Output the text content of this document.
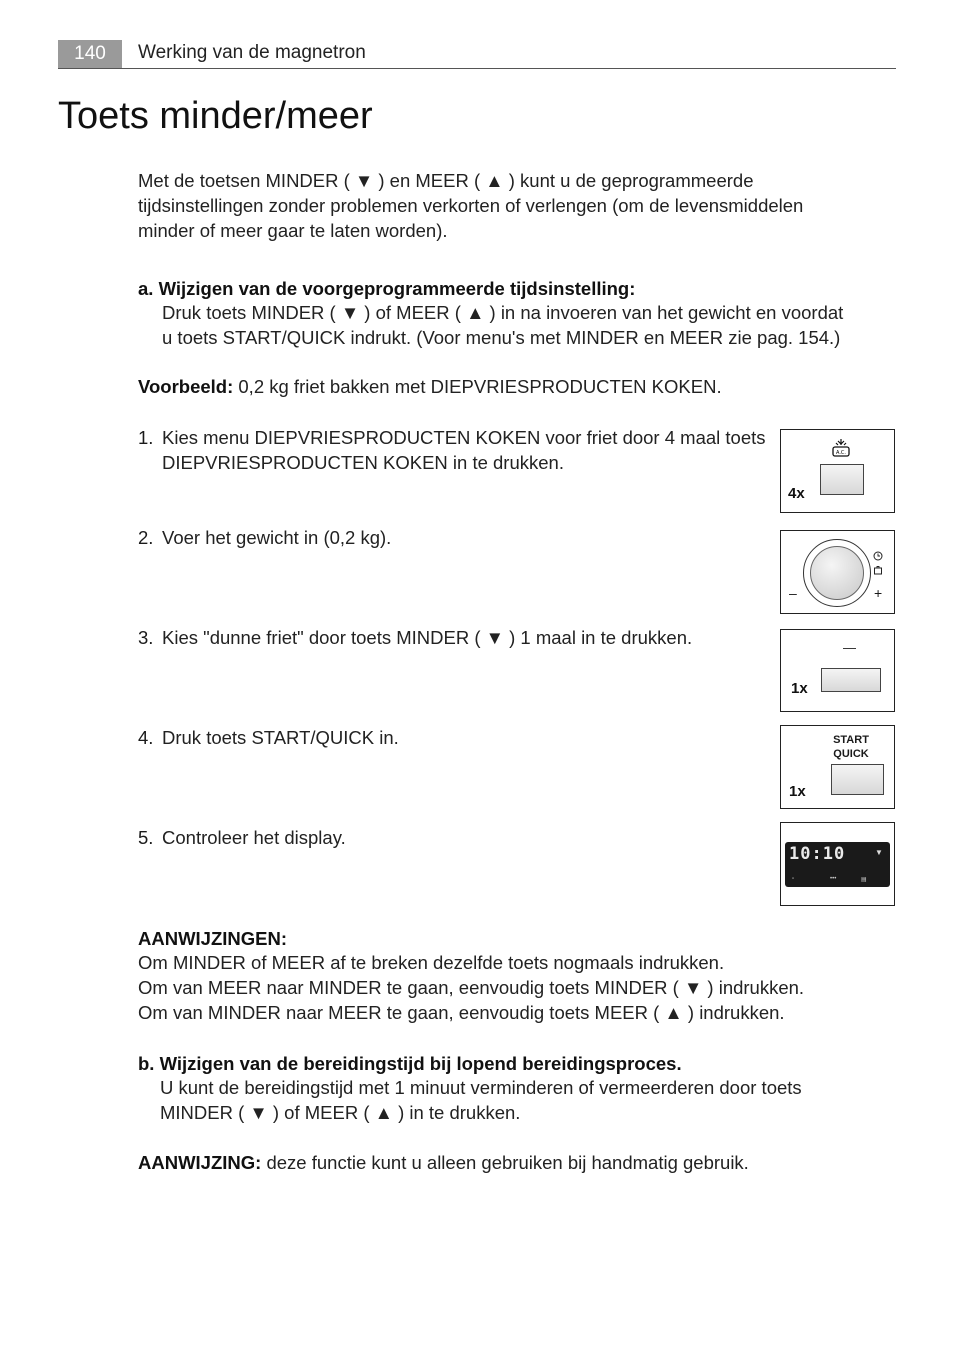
140	Werking van de magnetron
Toets minder/meer
Met de toetsen MINDER ( ▼ ) en MEER ( ▲ ) kunt u de geprogrammeerde
tijdsinstellingen zonder problemen verkorten of verlengen (om de levensmiddelen
minder of meer gaar te laten worden).
a. Wijzigen van de voorgeprogrammeerde tijdsinstelling:
Druk toets MINDER ( ▼ ) of MEER ( ▲ ) in na invoeren van het gewicht en voordat
u toets START/QUICK indrukt. (Voor menu's met MINDER en MEER zie pag. 154.)
Voorbeeld: 0,2 kg friet bakken met DIEPVRIESPRODUCTEN KOKEN.
1. Kies menu DIEPVRIESPRODUCTEN KOKEN voor friet door 4 maal toets
DIEPVRIESPRODUCTEN KOKEN in te drukken.
2. Voer het gewicht in (0,2 kg).
3. Kies "dunne friet" door toets MINDER ( ▼ ) 1 maal in te drukken.
4. Druk toets START/QUICK in.
5. Controleer het display.
A.C.
4x
–	+
—
1x
START
QUICK
1x
10:10	▼
▫	•••	▤
AANWIJZINGEN:
Om MINDER of MEER af te breken dezelfde toets nogmaals indrukken.
Om van MEER naar MINDER te gaan, eenvoudig toets MINDER ( ▼ ) indrukken.
Om van MINDER naar MEER te gaan, eenvoudig toets MEER ( ▲ ) indrukken.
b. Wijzigen van de bereidingstijd bij lopend bereidingsproces.
U kunt de bereidingstijd met 1 minuut verminderen of vermeerderen door toets
MINDER ( ▼ ) of MEER ( ▲ ) in te drukken.
AANWIJZING: deze functie kunt u alleen gebruiken bij handmatig gebruik.
